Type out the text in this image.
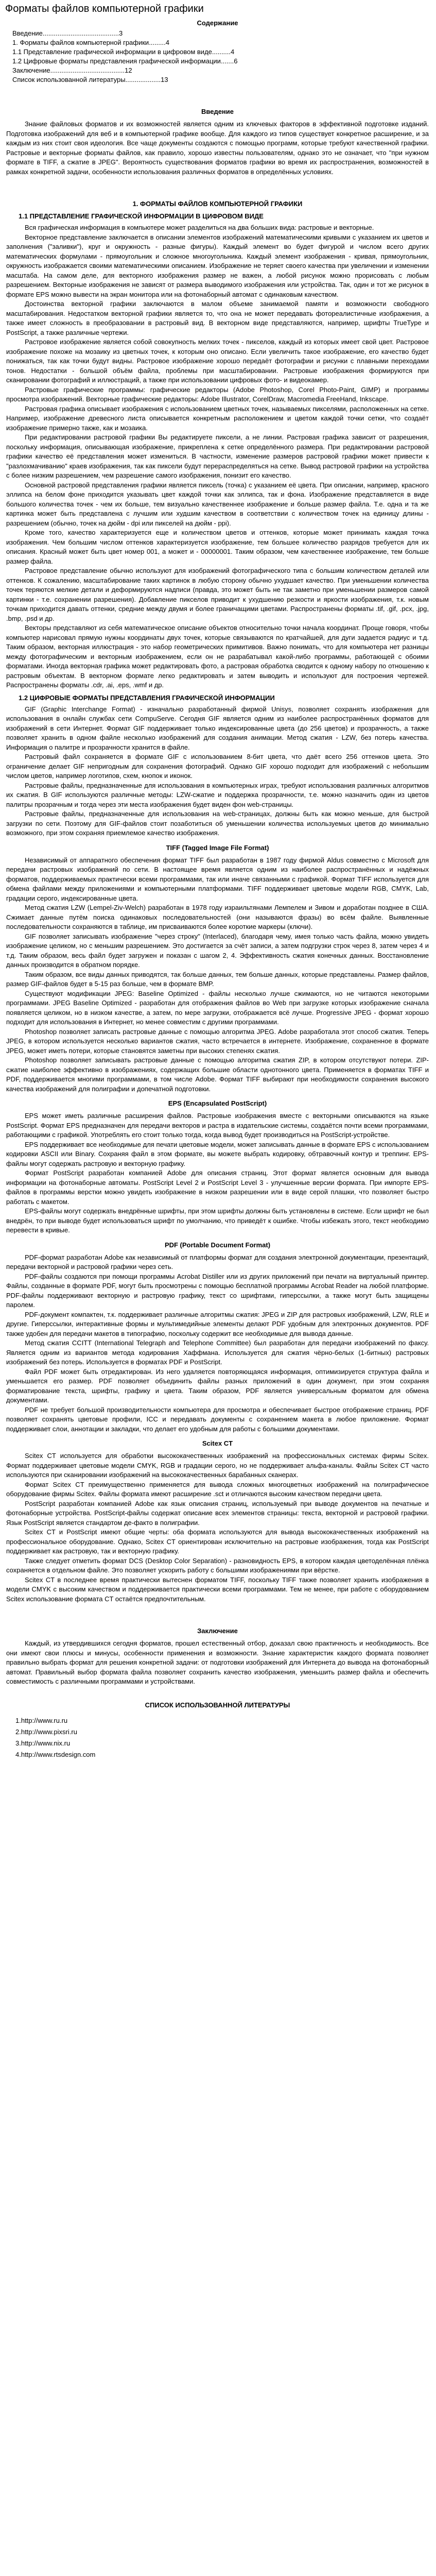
Форматы файлов компьютерной графики
Содержание
Введение.........................................3
1. Форматы файлов компьютерной графики.........4
1.1 Представление графической информации в цифровом виде..........4
1.2 Цифровые форматы представления графической информации.......6
Заключение........................................12
Список использованной литературы...................13
Введение

Знание файловых форматов и их возможностей является одним из ключевых факторов в эффективной подготовке изданий. Подготовка изображений для веб и в компьютерной графике вообще. Для каждого из типов существует конкретное расширение, и за каждым из них стоит своя идеология. Все чаще документы создаются с помощью программ, которые требуют качественной графики. Растровые и векторные форматы файлов, как правило, хорошо известны пользователям, однако это не означает, что "при нужном формате в TIFF, а сжатие в JPEG". Вероятность существования форматов графики во время их распространения, возможностей в рамках конкретной задачи, особенности использования различных форматов в определённых условиях.

1. ФОРМАТЫ ФАЙЛОВ КОМПЬЮТЕРНОЙ ГРАФИКИ
1.1 ПРЕДСТАВЛЕНИЕ ГРАФИЧЕСКОЙ ИНФОРМАЦИИ В ЦИФРОВОМ ВИДЕ

Вся графическая информация в компьютере может разделиться на два больших вида: растровые и векторные.

Векторное представление заключается в описании элементов изображений математическими кривыми с указанием их цветов и заполнения ("заливки"), круг и окружность - разные фигуры). Каждый элемент во будет фигурой и числом всего других математических формулами - прямоугольник и сложное многоугольника. Каждый элемент изображения - кривая, прямоугольник, окружность изображается своими математическими описанием. Изображение не теряет своего качества при увеличении и изменении масштаба. На самом деле, для векторного изображения размер не важен, а любой рисунок можно прорисовать с любым разрешением. Векторные изображения не зависят от размера выводимого изображения или устройства. Так, один и тот же рисунок в формате EPS можно вывести на экран монитора или на фотонаборный автомат с одинаковым качеством.

Достоинства векторной графики заключаются в малом объеме занимаемой памяти и возможности свободного масштабирования. Недостатком векторной графики является то, что она не может передавать фотореалистичные изображения, а также имеет сложность в преобразовании в растровый вид. В векторном виде представляются, например, шрифты TrueType и PostScript, а также различные чертежи.

Растровое изображение является собой совокупность мелких точек - пикселов, каждый из которых имеет свой цвет. Растровое изображение похоже на мозаику из цветных точек, к которым оно описано. Если увеличить такое изображение, его качество будет понижаться, так как точки будут видны. Растровое изображение хорошо передаёт фотографии и рисунки с плавными переходами тонов. Недостатки - большой объём файла, проблемы при масштабировании. Растровые изображения формируются при сканировании фотографий и иллюстраций, а также при использовании цифровых фото- и видеокамер.

Растровые графические программы: графические редакторы (Adobe Photoshop, Corel Photo-Paint, GIMP) и программы просмотра изображений. Векторные графические редакторы: Adobe Illustrator, CorelDraw, Macromedia FreeHand, Inkscape.

Растровая графика описывает изображения с использованием цветных точек, называемых пикселями, расположенных на сетке. Например, изображение древесного листа описывается конкретным расположением и цветом каждой точки сетки, что создаёт изображение примерно также, как и мозаика.

При редактировании растровой графики Вы редактируете пиксели, а не линии. Растровая графика зависит от разрешения, поскольку информация, описывающая изображение, прикреплена к сетке определённого размера. При редактировании растровой графики качество её представления может измениться. В частности, изменение размеров растровой графики может привести к "разлохмачиванию" краев изображения, так как пиксели будут перераспределяться на сетке. Вывод растровой графики на устройства с более низким разрешением, чем разрешение самого изображения, понизит его качество.

Основной растровой представления графики является пиксель (точка) с указанием её цвета. При описании, например, красного эллипса на белом фоне приходится указывать цвет каждой точки как эллипса, так и фона. Изображение представляется в виде большого количества точек - чем их больше, тем визуально качественнее изображение и больше размер файла. Т.е. одна и та же картинка может быть представлена с лучшим или худшим качеством в соответствии с количеством точек на единицу длины - разрешением (обычно, точек на дюйм - dpi или пикселей на дюйм - ppi).

Кроме того, качество характеризуется еще и количеством цветов и оттенков, которые может принимать каждая точка изображения. Чем большим числом оттенков характеризуется изображение, тем большее количество разрядов требуется для их описания. Красный может быть цвет номер 001, а может и - 00000001. Таким образом, чем качественнее изображение, тем больше размер файла.

Растровое представление обычно используют для изображений фотографического типа с большим количеством деталей или оттенков. К сожалению, масштабирование таких картинок в любую сторону обычно ухудшает качество. При уменьшении количества точек теряются мелкие детали и деформируются надписи (правда, это может быть не так заметно при уменьшении размеров самой картинки - т.е. сохранении разрешения). Добавление пикселов приводит к ухудшению резкости и яркости изображения, т.к. новым точкам приходится давать оттенки, средние между двумя и более граничащими цветами. Распространены форматы .tif, .gif, .pcx, .jpg, .bmp, .psd и др.

Векторы представляют из себя математическое описание объектов относительно точки начала координат. Проще говоря, чтобы компьютер нарисовал прямую нужны координаты двух точек, которые связываются по кратчайшей, для дуги задается радиус и т.д. Таким образом, векторная иллюстрация - это набор геометрических примитивов. Важно понимать, что для компьютера нет разницы между фотографическим и векторным изображением, если он не разрабатывал какой-либо программы, работающей с обоими форматами. Иногда векторная графика может редактировать фото, а растровая обработка сводится к одному набору по отношению к растровым объектам. В векторном формате легко редактировать и затем выводить и используют для построения чертежей. Распространены форматы .cdr, .ai, .eps, .wmf и др.

1.2 ЦИФРОВЫЕ ФОРМАТЫ ПРЕДСТАВЛЕНИЯ ГРАФИЧЕСКОЙ ИНФОРМАЦИИ

GIF (Graphic Interchange Format) - изначально разработанный фирмой Unisys, позволяет сохранять изображения для использования в онлайн службах сети CompuServe. Сегодня GIF является одним из наиболее распространённых форматов для изображений в сети Интернет. Формат GIF поддерживает только индексированные цвета (до 256 цветов) и прозрачность, а также позволяет хранить в одном файле несколько изображений для создания анимации. Метод сжатия - LZW, без потерь качества. Информация о палитре и прозрачности хранится в файле.

Растровый файл сохраняется в формате GIF с использованием 8-бит цвета, что даёт всего 256 оттенков цвета. Это ограничение делает GIF непригодным для сохранения фотографий. Однако GIF хорошо подходит для изображений с небольшим числом цветов, например логотипов, схем, кнопок и иконок.

Растровые файлы, предназначенные для использования в компьютерных играх, требуют использования различных алгоритмов их сжатия. В GIF используются различные методы: LZW-сжатие и поддержка прозрачности, т.е. можно назначить один из цветов палитры прозрачным и тогда через эти места изображения будет виден фон web-страницы.

Растровые файлы, предназначенные для использования на web-страницах, должны быть как можно меньше, для быстрой загрузки по сети. Поэтому для GIF-файлов стоит позаботиться об уменьшении количества используемых цветов до минимально возможного, при этом сохраняя приемлемое качество изображения.

TIFF (Tagged Image File Format)

Независимый от аппаратного обеспечения формат TIFF был разработан в 1987 году фирмой Aldus совместно с Microsoft для передачи растровых изображений по сети. В настоящее время является одним из наиболее распространённых и надёжных форматов, поддерживаемых практически всеми программами, так или иначе связанными с графикой. Формат TIFF используется для обмена файлами между приложениями и компьютерными платформами. TIFF поддерживает цветовые модели RGB, CMYK, Lab, градации серого, индексированные цвета.

Метод сжатия LZW (Lempel-Ziv-Welch) разработан в 1978 году израильтянами Лемпелем и Зивом и доработан позднее в США. Сжимает данные путём поиска одинаковых последовательностей (они называются фразы) во всём файле. Выявленные последовательности сохраняются в таблице, им присваиваются более короткие маркеры (ключи).

GIF позволяет записывать изображение "через строку" (Interlaced), благодаря чему, имея только часть файла, можно увидеть изображение целиком, но с меньшим разрешением. Это достигается за счёт записи, а затем подгрузки строк через 8, затем через 4 и т.д. Таким образом, весь файл будет загружен и показан с шагом 2, 4. Эффективность сжатия конечных данных. Восстановление данных производится в обратном порядке.

Таким образом, все виды данных приводятся, так больше данных, тем больше данных, которые представлены. Размер файлов, размер GIF-файлов будет в 5-15 раз больше, чем в формате BMP.

Существуют модификации JPEG: Baseline Optimized - файлы несколько лучше сжимаются, но не читаются некоторыми программами. JPEG Baseline Optimized - разработан для отображения файлов во Web при загрузке которых изображение сначала появляется целиком, но в низком качестве, а затем, по мере загрузки, отображается всё лучше. Progressive JPEG - формат хорошо подходит для использования в Интернет, но менее совместим с другими программами.

Photoshop позволяет записать растровые данные с помощью алгоритма JPEG. Adobe разработала этот способ сжатия. Теперь JPEG, в котором используется несколько вариантов сжатия, часто встречается в интернете. Изображение, сохраненное в формате JPEG, может иметь потери, которые становятся заметны при высоких степенях сжатия.

Photoshop позволяет записывать растровые данные с помощью алгоритма сжатия ZIP, в котором отсутствуют потери. ZIP-сжатие наиболее эффективно в изображениях, содержащих большие области однотонного цвета. Применяется в форматах TIFF и PDF, поддерживается многими программами, в том числе Adobe. Формат TIFF выбирают при необходимости сохранения высокого качества изображений для полиграфии и допечатной подготовки.

EPS (Encapsulated PostScript)

EPS может иметь различные расширения файлов. Растровые изображения вместе с векторными описываются на языке PostScript. Формат EPS предназначен для передачи векторов и растра в издательские системы, создаётся почти всеми программами, работающими с графикой. Употреблять его стоит только тогда, когда вывод будет производиться на PostScript-устройстве.

EPS поддерживает все необходимые для печати цветовые модели, может записывать данные в формате EPS с использованием кодировки ASCII или Binary. Сохраняя файл в этом формате, вы можете выбрать кодировку, обтравочный контур и треппинг. EPS-файлы могут содержать растровую и векторную графику.

Формат PostScript разработан компанией Adobe для описания страниц. Этот формат является основным для вывода информации на фотонаборные автоматы. PostScript Level 2 и PostScript Level 3 - улучшенные версии формата. При импорте EPS-файлов в программы верстки можно увидеть изображение в низком разрешении или в виде серой плашки, что позволяет быстро работать с макетом.

EPS-файлы могут содержать внедрённые шрифты, при этом шрифты должны быть установлены в системе. Если шрифт не был внедрён, то при выводе будет использоваться шрифт по умолчанию, что приведёт к ошибке. Чтобы избежать этого, текст необходимо перевести в кривые.

PDF (Portable Document Format)

PDF-формат разработан Adobe как независимый от платформы формат для создания электронной документации, презентаций, передачи векторной и растровой графики через сеть.

PDF-файлы создаются при помощи программы Acrobat Distiller или из других приложений при печати на виртуальный принтер. Файлы, созданные в формате PDF, могут быть просмотрены с помощью бесплатной программы Acrobat Reader на любой платформе. PDF-файлы поддерживают векторную и растровую графику, текст со шрифтами, гиперссылки, а также могут быть защищены паролем.

PDF-документ компактен, т.к. поддерживает различные алгоритмы сжатия: JPEG и ZIP для растровых изображений, LZW, RLE и другие. Гиперссылки, интерактивные формы и мультимедийные элементы делают PDF удобным для электронных документов. PDF также удобен для передачи макетов в типографию, поскольку содержит все необходимые для вывода данные.

Метод сжатия ССITT (International Telegraph and Telephone Committee) был разработан для передачи изображений по факсу. Является одним из вариантов метода кодирования Хаффмана. Используется для сжатия чёрно-белых (1-битных) растровых изображений без потерь. Используется в форматах PDF и PostScript.

Файл PDF может быть отредактирован. Из него удаляется повторяющаяся информация, оптимизируется структура файла и уменьшается его размер. PDF позволяет объединить файлы разных приложений в один документ, при этом сохраняя форматирование текста, шрифты, графику и цвета. Таким образом, PDF является универсальным форматом для обмена документами.

PDF не требует большой производительности компьютера для просмотра и обеспечивает быстрое отображение страниц. PDF позволяет сохранять цветовые профили, ICC и передавать документы с сохранением макета в любое приложение. Формат поддерживает слои, аннотации и закладки, что делает его удобным для работы с большими документами.

Scitex CT

Scitex CT используется для обработки высококачественных изображений на профессиональных системах фирмы Scitex. Формат поддерживает цветовые модели CMYK, RGB и градации серого, но не поддерживает альфа-каналы. Файлы Scitex CT часто используются при сканировании изображений на высококачественных барабанных сканерах.

Формат Scitex CT преимущественно применяется для вывода сложных многоцветных изображений на полиграфическое оборудование фирмы Scitex. Файлы формата имеют расширение .sct и отличаются высоким качеством передачи цвета.

PostScript разработан компанией Adobe как язык описания страниц, используемый при выводе документов на печатные и фотонаборные устройства. PostScript-файлы содержат описание всех элементов страницы: текста, векторной и растровой графики. Язык PostScript является стандартом де-факто в полиграфии.

Scitex CT и PostScript имеют общие черты: оба формата используются для вывода высококачественных изображений на профессиональное оборудование. Однако, Scitex CT ориентирован исключительно на растровые изображения, тогда как PostScript поддерживает как растровую, так и векторную графику.

Также следует отметить формат DCS (Desktop Color Separation) - разновидность EPS, в котором каждая цветоделённая плёнка сохраняется в отдельном файле. Это позволяет ускорить работу с большими изображениями при вёрстке.

Scitex CT в последнее время практически вытеснен форматом TIFF, поскольку TIFF также позволяет хранить изображения в модели CMYK с высоким качеством и поддерживается практически всеми программами. Тем не менее, при работе с оборудованием Scitex использование формата CT остаётся предпочтительным.

Заключение

Каждый, из утвердившихся сегодня форматов, прошел естественный отбор, доказал свою практичность и необходимость. Все они имеют свои плюсы и минусы, особенности применения и возможности. Знание характеристик каждого формата позволяет правильно выбрать формат для решения конкретной задачи: от подготовки изображений для Интернета до вывода на фотонаборный автомат. Правильный выбор формата файла позволяет сохранить качество изображения, уменьшить размер файла и обеспечить совместимость с различными программами и устройствами.

СПИСОК ИСПОЛЬЗОВАННОЙ ЛИТЕРАТУРЫ
1.http://www.ru.ru
2.http://www.pixsri.ru
3.http://www.nix.ru
4.http://www.rtsdesign.com
